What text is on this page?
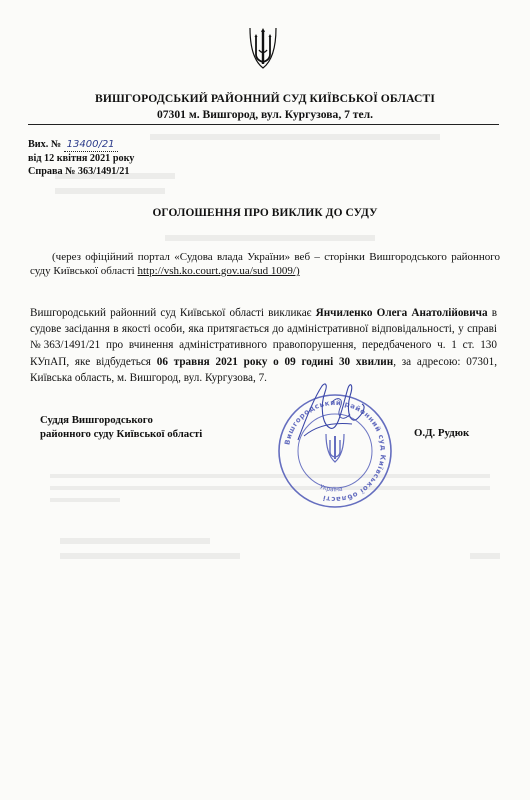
ВИШГОРОДСЬКИЙ РАЙОННИЙ СУД КИЇВСЬКОЇ ОБЛАСТІ
07301 м. Вишгород, вул. Кургузова, 7 тел.
Вих. № 13400/21
від 12 квітня 2021 року
Справа № 363/1491/21
ОГОЛОШЕННЯ ПРО ВИКЛИК ДО СУДУ
(через офіційний портал «Судова влада України» веб – сторінки Вишгородського районного суду Київської області http://vsh.ko.court.gov.ua/sud 1009/)
Вишгородський районний суд Київської області викликає Янчиленко Олега Анатолійовича в судове засідання в якості особи, яка притягається до адміністративної відповідальності, у справі №363/1491/21 про вчинення адміністративного правопорушення, передбаченого ч. 1 ст. 130 КУпАП, яке відбудеться 06 травня 2021 року о 09 годині 30 хвилин, за адресою: 07301, Київська область, м. Вишгород, вул. Кургузова, 7.
Вишгородський районний суд Київської області
Україна
Суддя Вишгородського
районного суду Київської області	О.Д. Рудюк
